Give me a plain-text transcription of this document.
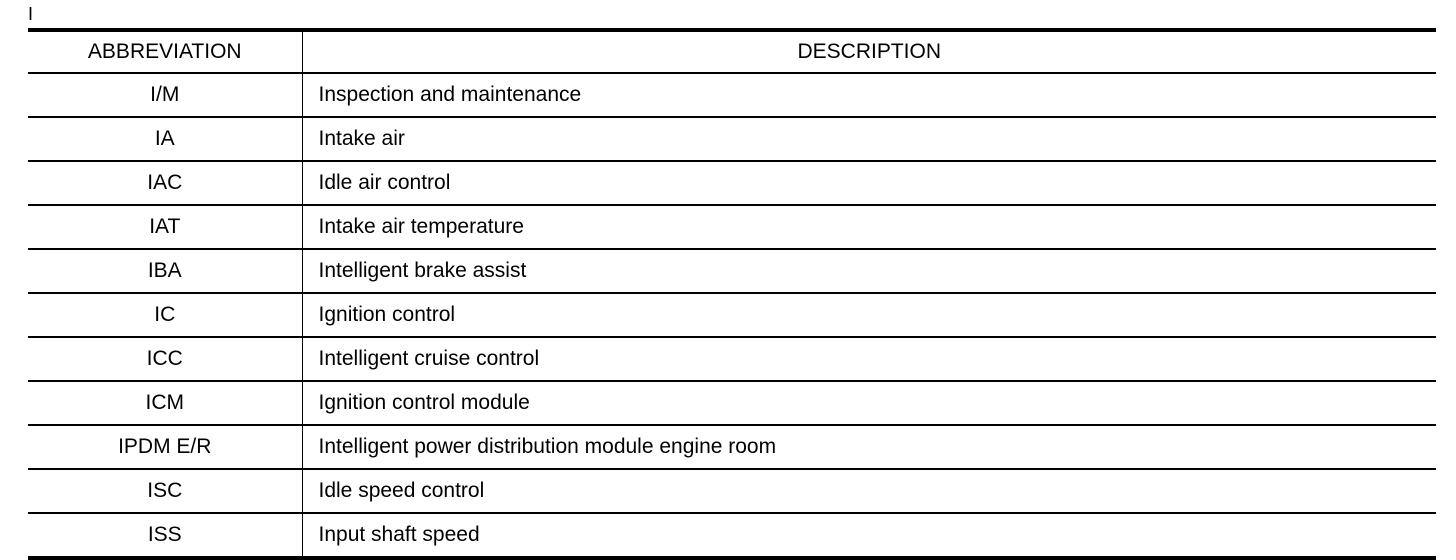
I
ABBREVIATION	DESCRIPTION
I/M	Inspection and maintenance
IA	Intake air
IAC	Idle air control
IAT	Intake air temperature
IBA	Intelligent brake assist
IC	Ignition control
ICC	Intelligent cruise control
ICM	Ignition control module
IPDM E/R	Intelligent power distribution module engine room
ISC	Idle speed control
ISS	Input shaft speed
